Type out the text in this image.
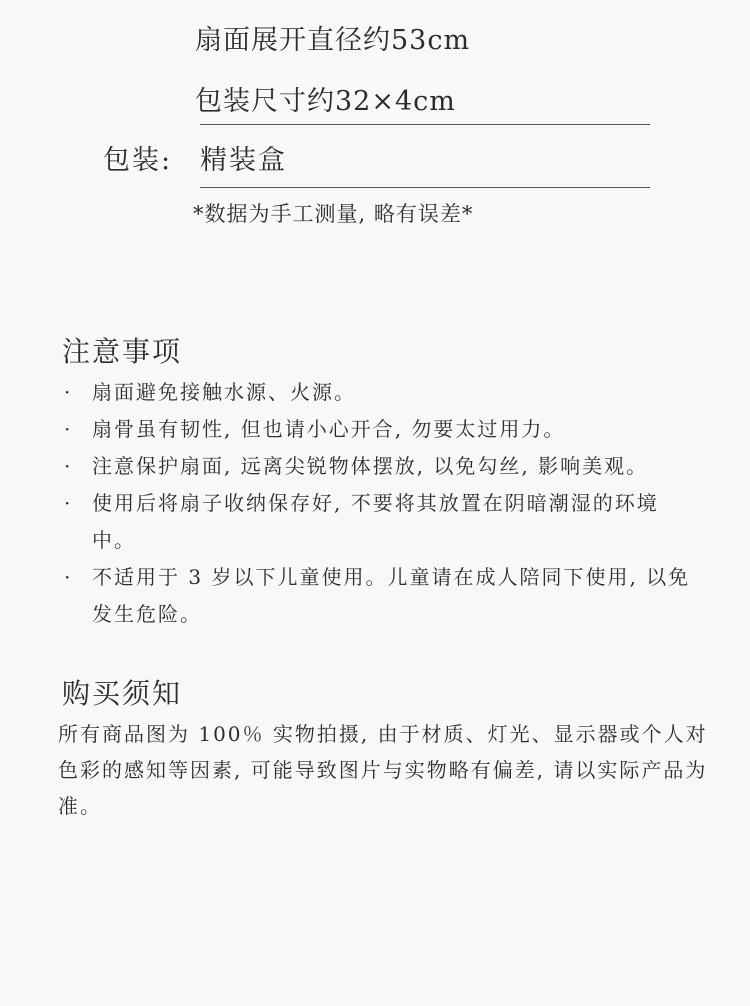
扇面展开直径约53cm
包装尺寸约32×4cm
包装: 精装盒
*数据为手工测量, 略有误差*
注意事项
· 扇面避免接触水源、火源。
· 扇骨虽有韧性, 但也请小心开合, 勿要太过用力。
· 注意保护扇面, 远离尖锐物体摆放, 以免勾丝, 影响美观。
· 使用后将扇子收纳保存好, 不要将其放置在阴暗潮湿的环境中。
· 不适用于 3 岁以下儿童使用。儿童请在成人陪同下使用, 以免发生危险。
购买须知
所有商品图为 100％ 实物拍摄, 由于材质、灯光、显示器或个人对色彩的感知等因素, 可能导致图片与实物略有偏差, 请以实际产品为准。
